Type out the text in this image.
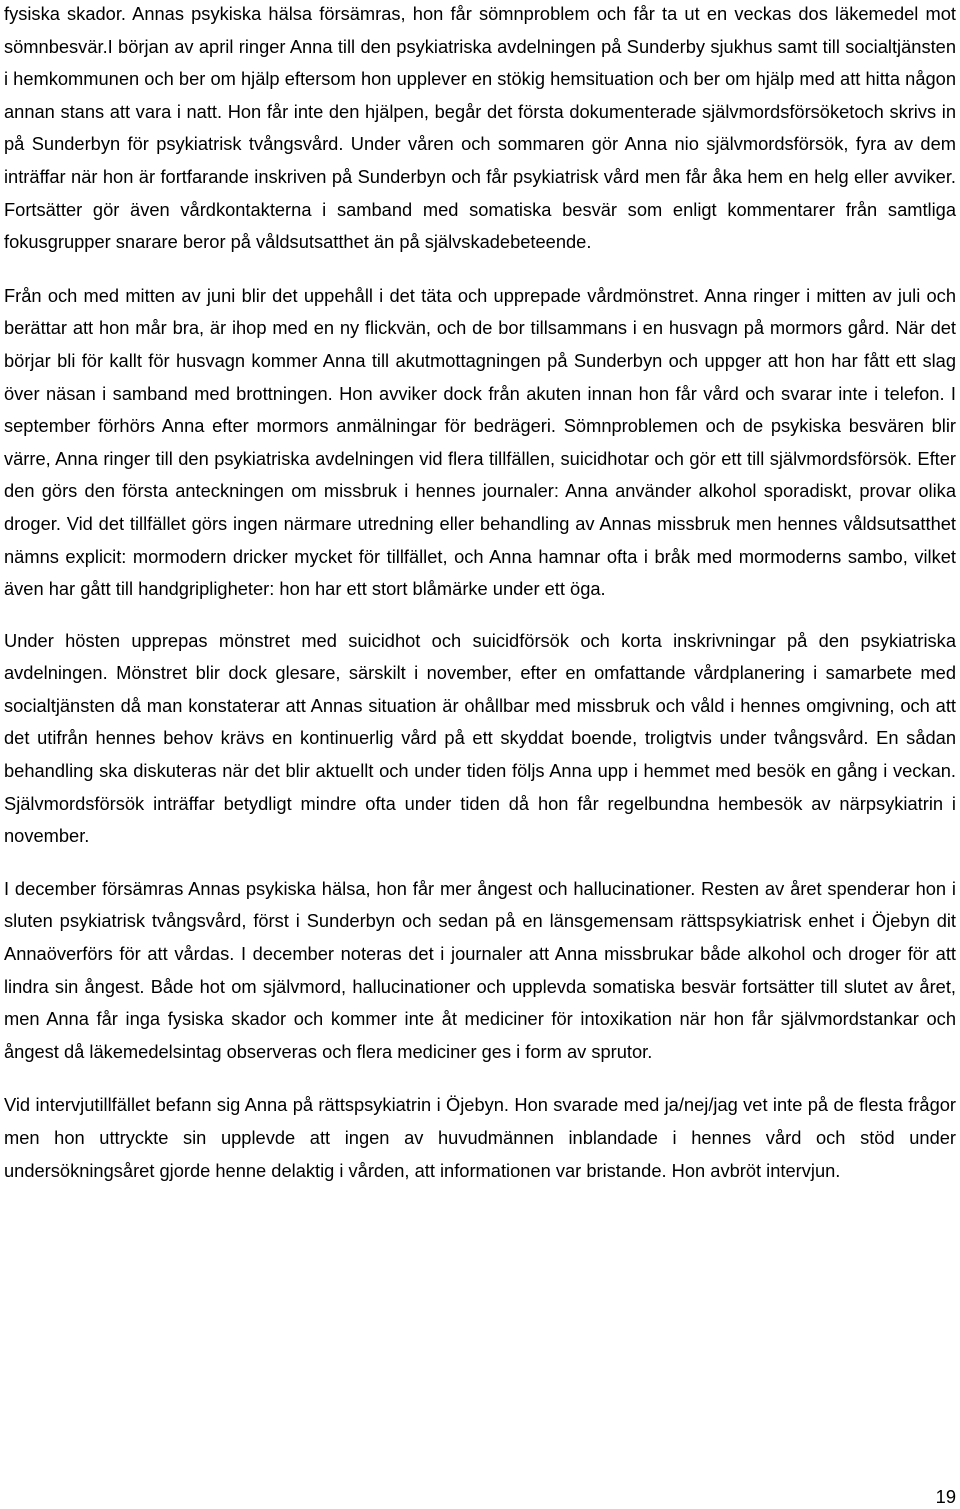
fysiska skador. Annas psykiska hälsa försämras, hon får sömnproblem och får ta ut en veckas dos läkemedel mot sömnbesvär.I början av april ringer Anna till den psykiatriska avdelningen på Sunderby sjukhus samt till socialtjänsten i hemkommunen och ber om hjälp eftersom hon upplever en stökig hemsituation och ber om hjälp med att hitta någon annan stans att vara i natt. Hon får inte den hjälpen, begår det första dokumenterade självmordsförsöketoch skrivs in på Sunderbyn för psykiatrisk tvångsvård. Under våren och sommaren gör Anna nio självmordsförsök, fyra av dem inträffar när hon är fortfarande inskriven på Sunderbyn och får psykiatrisk vård men får åka hem en helg eller avviker. Fortsätter gör även vårdkontakterna i samband med somatiska besvär som enligt kommentarer från samtliga fokusgrupper snarare beror på våldsutsatthet än på självskadebeteende.

Från och med mitten av juni blir det uppehåll i det täta och upprepade vårdmönstret. Anna ringer i mitten av juli och berättar att hon mår bra, är ihop med en ny flickvän, och de bor tillsammans i en husvagn på mormors gård. När det börjar bli för kallt för husvagn kommer Anna till akutmottagningen på Sunderbyn och uppger att hon har fått ett slag över näsan i samband med brottningen. Hon avviker dock från akuten innan hon får vård och svarar inte i telefon. I september förhörs Anna efter mormors anmälningar för bedrägeri. Sömnproblemen och de psykiska besvären blir värre, Anna ringer till den psykiatriska avdelningen vid flera tillfällen, suicidhotar och gör ett till självmordsförsök. Efter den görs den första anteckningen om missbruk i hennes journaler: Anna använder alkohol sporadiskt, provar olika droger. Vid det tillfället görs ingen närmare utredning eller behandling av Annas missbruk men hennes våldsutsatthet nämns explicit: mormodern dricker mycket för tillfället, och Anna hamnar ofta i bråk med mormoderns sambo, vilket även har gått till handgripligheter: hon har ett stort blåmärke under ett öga.

Under hösten upprepas mönstret med suicidhot och suicidförsök och korta inskrivningar på den psykiatriska avdelningen. Mönstret blir dock glesare, särskilt i november, efter en omfattande vårdplanering i samarbete med socialtjänsten då man konstaterar att Annas situation är ohållbar med missbruk och våld i hennes omgivning, och att det utifrån hennes behov krävs en kontinuerlig vård på ett skyddat boende, troligtvis under tvångsvård. En sådan behandling ska diskuteras när det blir aktuellt och under tiden följs Anna upp i hemmet med besök en gång i veckan. Självmordsförsök inträffar betydligt mindre ofta under tiden då hon får regelbundna hembesök av närpsykiatrin i november.

I december försämras Annas psykiska hälsa, hon får mer ångest och hallucinationer. Resten av året spenderar hon i sluten psykiatrisk tvångsvård, först i Sunderbyn och sedan på en länsgemensam rättspsykiatrisk enhet i Öjebyn dit Annaöverförs för att vårdas. I december noteras det i journaler att Anna missbrukar både alkohol och droger för att lindra sin ångest. Både hot om självmord, hallucinationer och upplevda somatiska besvär fortsätter till slutet av året, men Anna får inga fysiska skador och kommer inte åt mediciner för intoxikation när hon får självmordstankar och ångest då läkemedelsintag observeras och flera mediciner ges i form av sprutor.

Vid intervjutillfället befann sig Anna på rättspsykiatrin i Öjebyn. Hon svarade med ja/nej/jag vet inte på de flesta frågor men hon uttryckte sin upplevde att ingen av huvudmännen inblandade i hennes vård och stöd under undersökningsåret gjorde henne delaktig i vården, att informationen var bristande. Hon avbröt intervjun.

19
